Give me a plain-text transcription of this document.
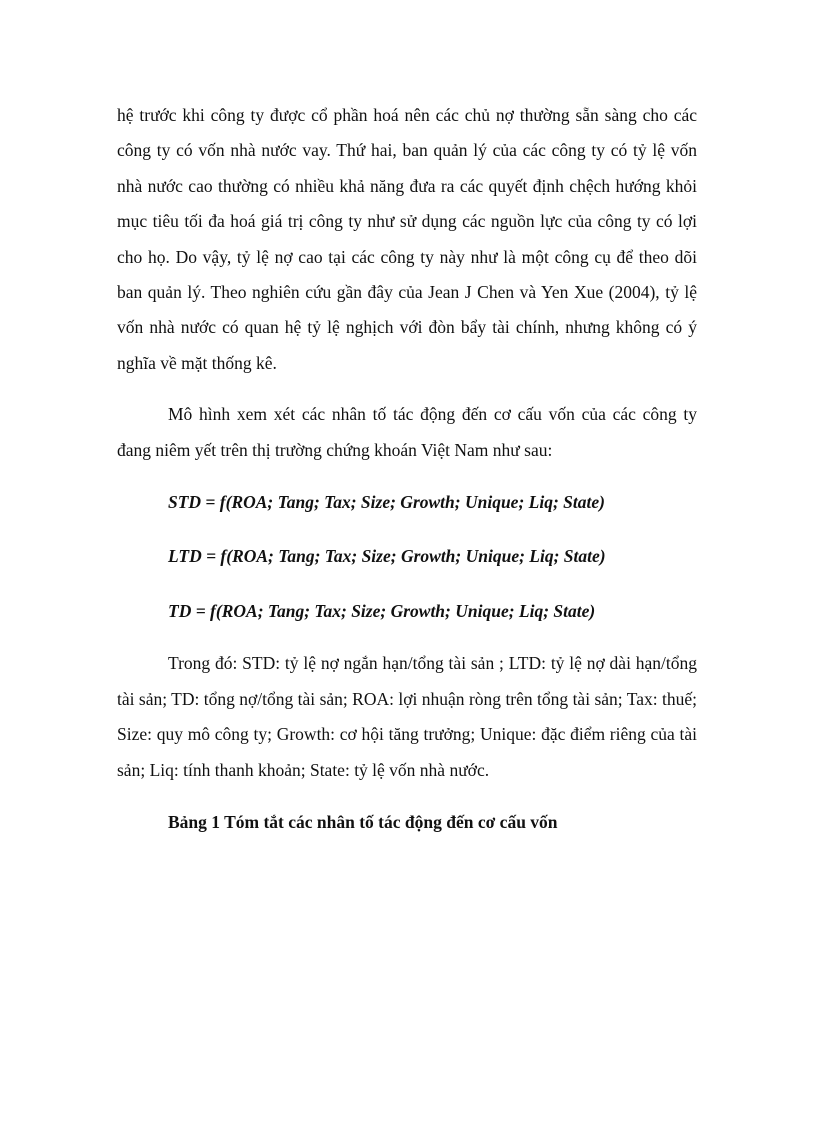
hệ trước khi công ty được cổ phần hoá nên các chủ nợ thường sẵn sàng cho các công ty có vốn nhà nước vay. Thứ hai, ban quản lý của các công ty có tỷ lệ vốn nhà nước cao thường có nhiều khả năng đưa ra các quyết định chệch hướng khỏi mục tiêu tối đa hoá giá trị công ty như sử dụng các nguồn lực của công ty có lợi cho họ. Do vậy, tỷ lệ nợ cao tại các công ty này như là một công cụ để theo dõi ban quản lý. Theo nghiên cứu gần đây của Jean J Chen và Yen Xue (2004), tỷ lệ vốn nhà nước có quan hệ tỷ lệ nghịch với đòn bẩy tài chính, nhưng không có ý nghĩa về mặt thống kê.

Mô hình xem xét các nhân tố tác động đến cơ cấu vốn của các công ty đang niêm yết trên thị trường chứng khoán Việt Nam như sau:

STD = f(ROA; Tang; Tax; Size; Growth; Unique; Liq; State)

LTD = f(ROA; Tang; Tax; Size; Growth; Unique; Liq; State)

TD = f(ROA; Tang; Tax; Size; Growth; Unique; Liq; State)

Trong đó: STD: tỷ lệ nợ ngắn hạn/tổng tài sản ; LTD: tỷ lệ nợ dài hạn/tổng tài sản; TD: tổng nợ/tổng tài sản; ROA: lợi nhuận ròng trên tổng tài sản; Tax: thuế; Size: quy mô công ty; Growth: cơ hội tăng trưởng; Unique: đặc điểm riêng của tài sản; Liq: tính thanh khoản; State: tỷ lệ vốn nhà nước.

Bảng 1 Tóm tắt các nhân tố tác động đến cơ cấu vốn
